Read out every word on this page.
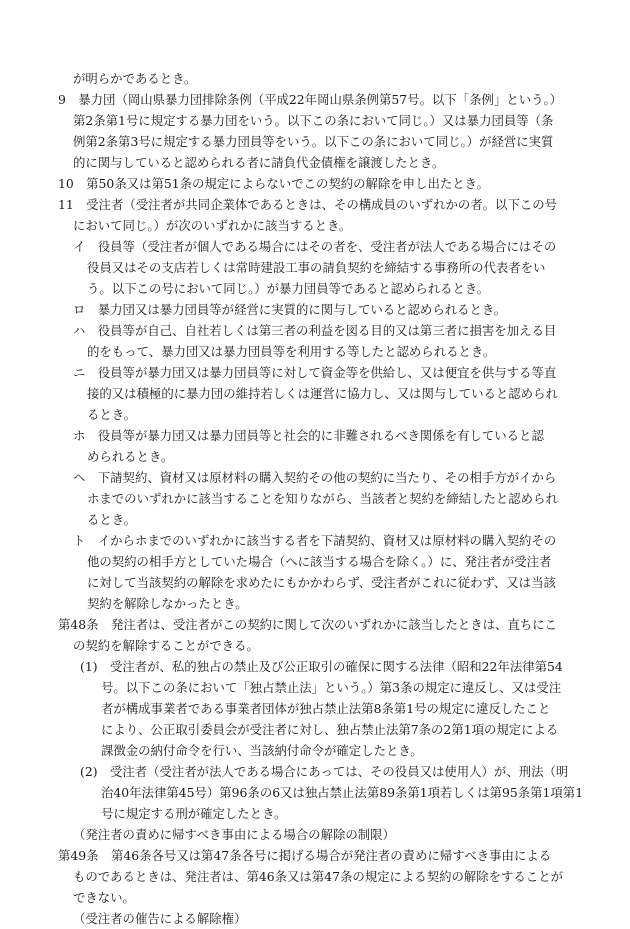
が明らかであるとき。
9　暴力団（岡山県暴力団排除条例（平成22年岡山県条例第57号。以下「条例」という。）
第2条第1号に規定する暴力団をいう。以下この条において同じ。）又は暴力団員等（条
例第2条第3号に規定する暴力団員等をいう。以下この条において同じ。）が経営に実質
的に関与していると認められる者に請負代金債権を譲渡したとき。
10　第50条又は第51条の規定によらないでこの契約の解除を申し出たとき。
11　受注者（受注者が共同企業体であるときは、その構成員のいずれかの者。以下この号
において同じ。）が次のいずれかに該当するとき。
イ　役員等（受注者が個人である場合にはその者を、受注者が法人である場合にはその
役員又はその支店若しくは常時建設工事の請負契約を締結する事務所の代表者をい
う。以下この号において同じ。）が暴力団員等であると認められるとき。
ロ　暴力団又は暴力団員等が経営に実質的に関与していると認められるとき。
ハ　役員等が自己、自社若しくは第三者の利益を図る目的又は第三者に損害を加える目
的をもって、暴力団又は暴力団員等を利用する等したと認められるとき。
ニ　役員等が暴力団又は暴力団員等に対して資金等を供給し、又は便宜を供与する等直
接的又は積極的に暴力団の維持若しくは運営に協力し、又は関与していると認められ
るとき。
ホ　役員等が暴力団又は暴力団員等と社会的に非難されるべき関係を有していると認
められるとき。
ヘ　下請契約、資材又は原材料の購入契約その他の契約に当たり、その相手方がイから
ホまでのいずれかに該当することを知りながら、当該者と契約を締結したと認められ
るとき。
ト　イからホまでのいずれかに該当する者を下請契約、資材又は原材料の購入契約その
他の契約の相手方としていた場合（へに該当する場合を除く。）に、発注者が受注者
に対して当該契約の解除を求めたにもかかわらず、受注者がこれに従わず、又は当該
契約を解除しなかったとき。
第48条　発注者は、受注者がこの契約に関して次のいずれかに該当したときは、直ちにこ
の契約を解除することができる。
(1)　受注者が、私的独占の禁止及び公正取引の確保に関する法律（昭和22年法律第54
号。以下この条において「独占禁止法」という。）第3条の規定に違反し、又は受注
者が構成事業者である事業者団体が独占禁止法第8条第1号の規定に違反したこと
により、公正取引委員会が受注者に対し、独占禁止法第7条の2第1項の規定による
課徴金の納付命令を行い、当該納付命令が確定したとき。
(2)　受注者（受注者が法人である場合にあっては、その役員又は使用人）が、刑法（明
治40年法律第45号）第96条の6又は独占禁止法第89条第1項若しくは第95条第1項第1
号に規定する刑が確定したとき。
（発注者の責めに帰すべき事由による場合の解除の制限）
第49条　第46条各号又は第47条各号に掲げる場合が発注者の責めに帰すべき事由による
ものであるときは、発注者は、第46条又は第47条の規定による契約の解除をすることが
できない。
（受注者の催告による解除権）
